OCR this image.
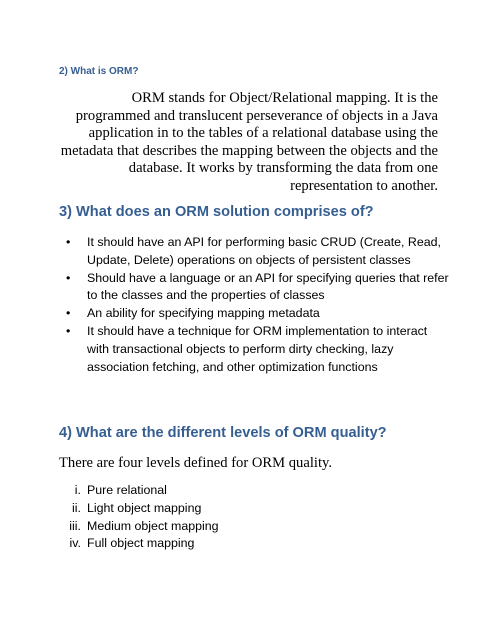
2) What is ORM?

ORM stands for Object/Relational mapping. It is the programmed and translucent perseverance of objects in a Java application in to the tables of a relational database using the metadata that describes the mapping between the objects and the database. It works by transforming the data from one representation to another.

3) What does an ORM solution comprises of?
• It should have an API for performing basic CRUD (Create, Read, Update, Delete) operations on objects of persistent classes
• Should have a language or an API for specifying queries that refer to the classes and the properties of classes
• An ability for specifying mapping metadata
• It should have a technique for ORM implementation to interact with transactional objects to perform dirty checking, lazy association fetching, and other optimization functions
4) What are the different levels of ORM quality?

There are four levels defined for ORM quality.

i. Pure relational
ii. Light object mapping
iii. Medium object mapping
iv. Full object mapping
